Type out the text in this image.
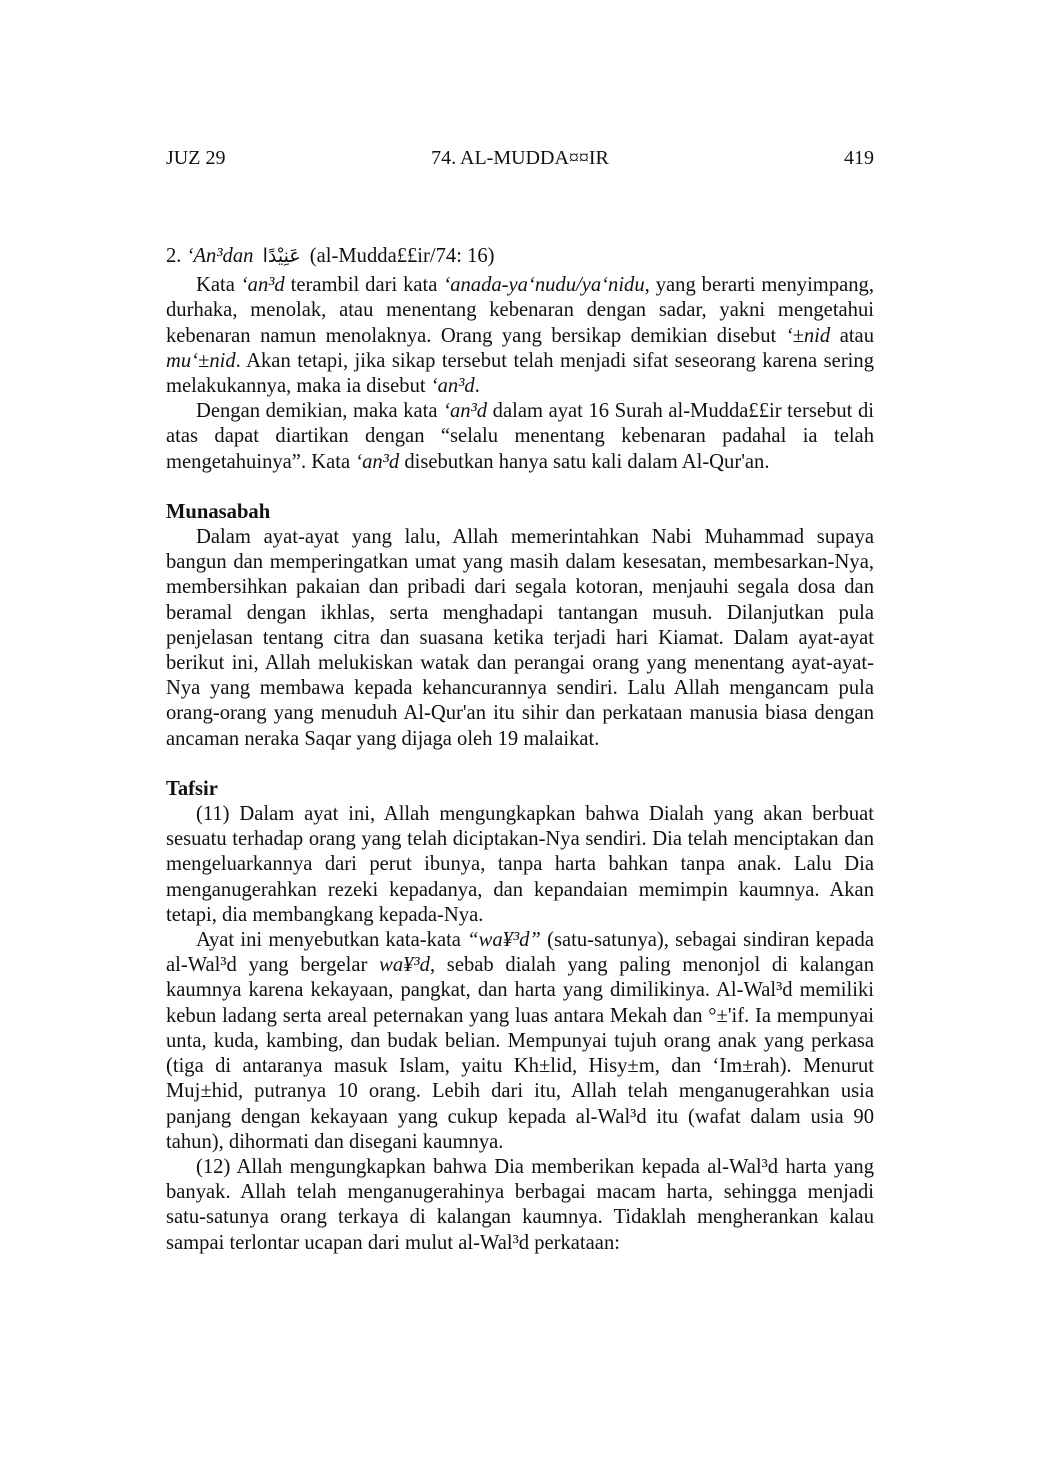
JUZ 29	74. AL-MUDDA¤¤IR	419
2. ‘An³dan عَنِيْدًا (al-Mudda££ir/74: 16)

Kata ‘an³d terambil dari kata ‘anada-ya‘nudu/ya‘nidu, yang berarti menyimpang, durhaka, menolak, atau menentang kebenaran dengan sadar, yakni mengetahui kebenaran namun menolaknya. Orang yang bersikap demikian disebut ‘±nid atau mu‘±nid. Akan tetapi, jika sikap tersebut telah menjadi sifat seseorang karena sering melakukannya, maka ia disebut ‘an³d.

Dengan demikian, maka kata ‘an³d dalam ayat 16 Surah al-Mudda££ir tersebut di atas dapat diartikan dengan “selalu menentang kebenaran padahal ia telah mengetahuinya”. Kata ‘an³d disebutkan hanya satu kali dalam Al-Qur'an.

Munasabah

Dalam ayat-ayat yang lalu, Allah memerintahkan Nabi Muhammad supaya bangun dan memperingatkan umat yang masih dalam kesesatan, membesarkan-Nya, membersihkan pakaian dan pribadi dari segala kotoran, menjauhi segala dosa dan beramal dengan ikhlas, serta menghadapi tantangan musuh. Dilanjutkan pula penjelasan tentang citra dan suasana ketika terjadi hari Kiamat. Dalam ayat-ayat berikut ini, Allah melukiskan watak dan perangai orang yang menentang ayat-ayat-Nya yang membawa kepada kehancurannya sendiri. Lalu Allah mengancam pula orang-orang yang menuduh Al-Qur'an itu sihir dan perkataan manusia biasa dengan ancaman neraka Saqar yang dijaga oleh 19 malaikat.

Tafsir

(11) Dalam ayat ini, Allah mengungkapkan bahwa Dialah yang akan berbuat sesuatu terhadap orang yang telah diciptakan-Nya sendiri. Dia telah menciptakan dan mengeluarkannya dari perut ibunya, tanpa harta bahkan tanpa anak. Lalu Dia menganugerahkan rezeki kepadanya, dan kepandaian memimpin kaumnya. Akan tetapi, dia membangkang kepada-Nya.

Ayat ini menyebutkan kata-kata “wa¥³d” (satu-satunya), sebagai sindiran kepada al-Wal³d yang bergelar wa¥³d, sebab dialah yang paling menonjol di kalangan kaumnya karena kekayaan, pangkat, dan harta yang dimilikinya. Al-Wal³d memiliki kebun ladang serta areal peternakan yang luas antara Mekah dan °±'if. Ia mempunyai unta, kuda, kambing, dan budak belian. Mempunyai tujuh orang anak yang perkasa (tiga di antaranya masuk Islam, yaitu Kh±lid, Hisy±m, dan ‘Im±rah). Menurut Muj±hid, putranya 10 orang. Lebih dari itu, Allah telah menganugerahkan usia panjang dengan kekayaan yang cukup kepada al-Wal³d itu (wafat dalam usia 90 tahun), dihormati dan disegani kaumnya.

(12) Allah mengungkapkan bahwa Dia memberikan kepada al-Wal³d harta yang banyak. Allah telah menganugerahinya berbagai macam harta, sehingga menjadi satu-satunya orang terkaya di kalangan kaumnya. Tidaklah mengherankan kalau sampai terlontar ucapan dari mulut al-Wal³d perkataan:
